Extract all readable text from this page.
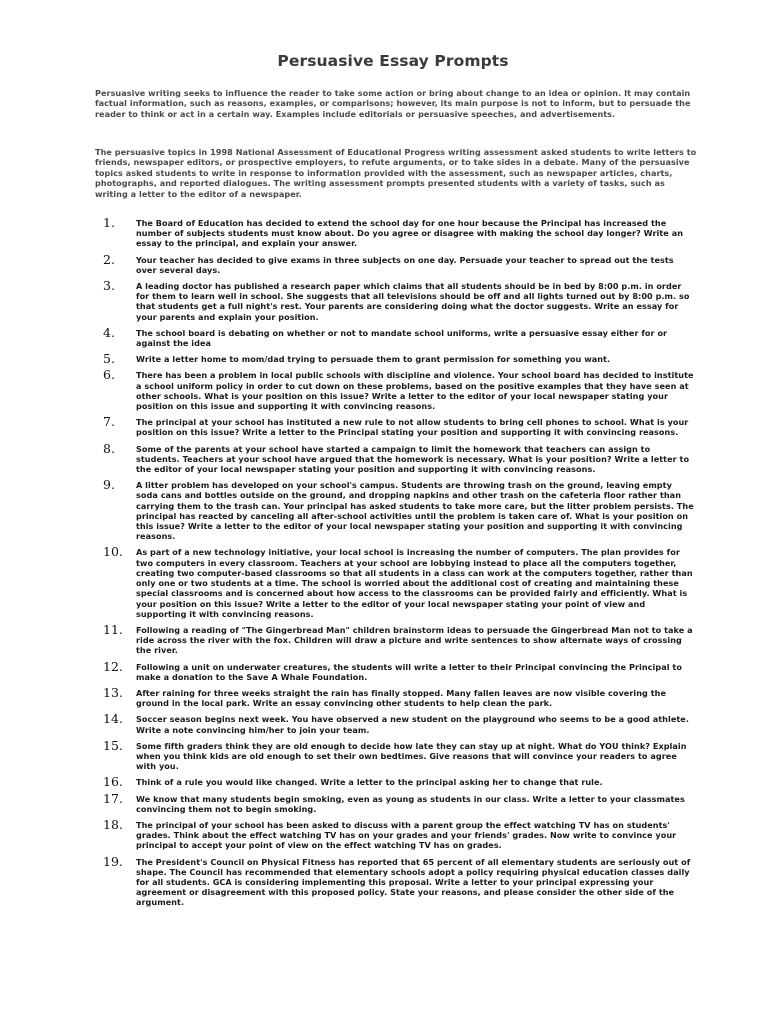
Persuasive Essay Prompts

Persuasive writing seeks to influence the reader to take some action or bring about change to an idea or opinion. It may contain factual information, such as reasons, examples, or comparisons; however, its main purpose is not to inform, but to persuade the reader to think or act in a certain way. Examples include editorials or persuasive speeches, and advertisements.

The persuasive topics in 1998 National Assessment of Educational Progress writing assessment asked students to write letters to friends, newspaper editors, or prospective employers, to refute arguments, or to take sides in a debate. Many of the persuasive topics asked students to write in response to information provided with the assessment, such as newspaper articles, charts, photographs, and reported dialogues. The writing assessment prompts presented students with a variety of tasks, such as writing a letter to the editor of a newspaper.

1.	The Board of Education has decided to extend the school day for one hour because the Principal has increased the number of subjects students must know about. Do you agree or disagree with making the school day longer? Write an essay to the principal, and explain your answer.
2.	Your teacher has decided to give exams in three subjects on one day. Persuade your teacher to spread out the tests over several days.
3.	A leading doctor has published a research paper which claims that all students should be in bed by 8:00 p.m. in order for them to learn well in school. She suggests that all televisions should be off and all lights turned out by 8:00 p.m. so that students get a full night's rest. Your parents are considering doing what the doctor suggests. Write an essay for your parents and explain your position.
4.	The school board is debating on whether or not to mandate school uniforms, write a persuasive essay either for or against the idea
5.	Write a letter home to mom/dad trying to persuade them to grant permission for something you want.
6.	There has been a problem in local public schools with discipline and violence. Your school board has decided to institute a school uniform policy in order to cut down on these problems, based on the positive examples that they have seen at other schools. What is your position on this issue? Write a letter to the editor of your local newspaper stating your position on this issue and supporting it with convincing reasons.
7.	The principal at your school has instituted a new rule to not allow students to bring cell phones to school. What is your position on this issue? Write a letter to the Principal stating your position and supporting it with convincing reasons.
8.	Some of the parents at your school have started a campaign to limit the homework that teachers can assign to students. Teachers at your school have argued that the homework is necessary. What is your position? Write a letter to the editor of your local newspaper stating your position and supporting it with convincing reasons.
9.	A litter problem has developed on your school's campus. Students are throwing trash on the ground, leaving empty soda cans and bottles outside on the ground, and dropping napkins and other trash on the cafeteria floor rather than carrying them to the trash can. Your principal has asked students to take more care, but the litter problem persists. The principal has reacted by canceling all after-school activities until the problem is taken care of. What is your position on this issue? Write a letter to the editor of your local newspaper stating your position and supporting it with convincing reasons.
10.	As part of a new technology initiative, your local school is increasing the number of computers. The plan provides for two computers in every classroom. Teachers at your school are lobbying instead to place all the computers together, creating two computer-based classrooms so that all students in a class can work at the computers together, rather than only one or two students at a time. The school is worried about the additional cost of creating and maintaining these special classrooms and is concerned about how access to the classrooms can be provided fairly and efficiently. What is your position on this issue? Write a letter to the editor of your local newspaper stating your point of view and supporting it with convincing reasons.
11.	Following a reading of "The Gingerbread Man" children brainstorm ideas to persuade the Gingerbread Man not to take a ride across the river with the fox. Children will draw a picture and write sentences to show alternate ways of crossing the river.
12.	Following a unit on underwater creatures, the students will write a letter to their Principal convincing the Principal to make a donation to the Save A Whale Foundation.
13.	After raining for three weeks straight the rain has finally stopped. Many fallen leaves are now visible covering the ground in the local park. Write an essay convincing other students to help clean the park.
14.	Soccer season begins next week. You have observed a new student on the playground who seems to be a good athlete. Write a note convincing him/her to join your team.
15.	Some fifth graders think they are old enough to decide how late they can stay up at night. What do YOU think? Explain when you think kids are old enough to set their own bedtimes. Give reasons that will convince your readers to agree with you.
16.	Think of a rule you would like changed. Write a letter to the principal asking her to change that rule.
17.	We know that many students begin smoking, even as young as students in our class. Write a letter to your classmates convincing them not to begin smoking.
18.	The principal of your school has been asked to discuss with a parent group the effect watching TV has on students' grades. Think about the effect watching TV has on your grades and your friends' grades. Now write to convince your principal to accept your point of view on the effect watching TV has on grades.
19.	The President's Council on Physical Fitness has reported that 65 percent of all elementary students are seriously out of shape. The Council has recommended that elementary schools adopt a policy requiring physical education classes daily for all students. GCA is considering implementing this proposal. Write a letter to your principal expressing your agreement or disagreement with this proposed policy. State your reasons, and please consider the other side of the argument.
